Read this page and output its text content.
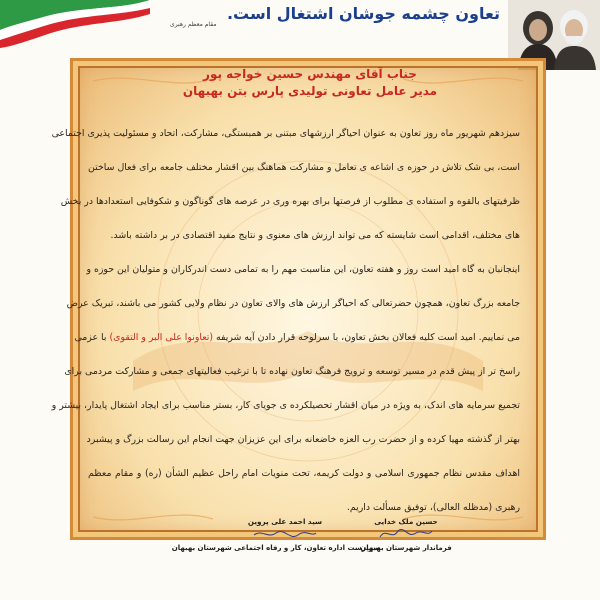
تعاون چشمه جوشان اشتغال است.
مقام معظم رهبری
جناب آقای مهندس حسین خواجه پور
مدیر عامل تعاونی تولیدی پارس بتن بهبهان
سیزدهم شهریور ماه روز تعاون به عنوان احیاگر ارزشهای مبتنی بر همبستگی، مشارکت، اتحاد و مسئولیت پذیری اجتماعی
است، بی شک تلاش در حوزه ی اشاعه ی تعامل و مشارکت هماهنگ بین اقشار مختلف جامعه برای فعال ساختن
ظرفیتهای بالقوه و استفاده ی مطلوب از فرصتها برای بهره وری در عرصه های گوناگون و شکوفایی استعدادها در بخش
های مختلف، اقدامی است شایسته که می تواند ارزش های معنوی و نتایج مفید اقتصادی در بر داشته باشد.
اینجانبان به گاه امید است روز و هفته تعاون، این مناسبت مهم را به تمامی دست اندرکاران و متولیان این حوزه و
جامعه بزرگ تعاون، همچون حضرتعالی که احیاگر ارزش های والای تعاون در نظام ولایی کشور می باشند، تبریک عرض
می نماییم. امید است کلیه فعالان بخش تعاون، با سرلوحه قرار دادن آیه شریفه (تعاونوا علی البر و التقوی) با عزمی
راسخ تر از پیش قدم در مسیر توسعه و ترویج فرهنگ تعاون نهاده تا با ترغیب فعالیتهای جمعی و مشارکت مردمی برای
تجمیع سرمایه های اندک، به ویژه در میان اقشار تحصیلکرده ی جویای کار، بستر مناسب برای ایجاد اشتغال پایدار، بیشتر و
بهتر از گذشته مهیا کرده و از حضرت رب العزه خاضعانه برای این عزیزان جهت انجام این رسالت بزرگ و پیشبرد
اهداف مقدس نظام جمهوری اسلامی و دولت کریمه، تحت منویات امام راحل عظیم الشأن (ره) و مقام معظم
رهبری (مدظله العالی)، توفیق مسألت داریم.
حسین ملک خدایی
فرماندار شهرستان بهبهان
سید احمد علی پروین
سرپرست اداره تعاون، کار و رفاه اجتماعی شهرستان بهبهان
